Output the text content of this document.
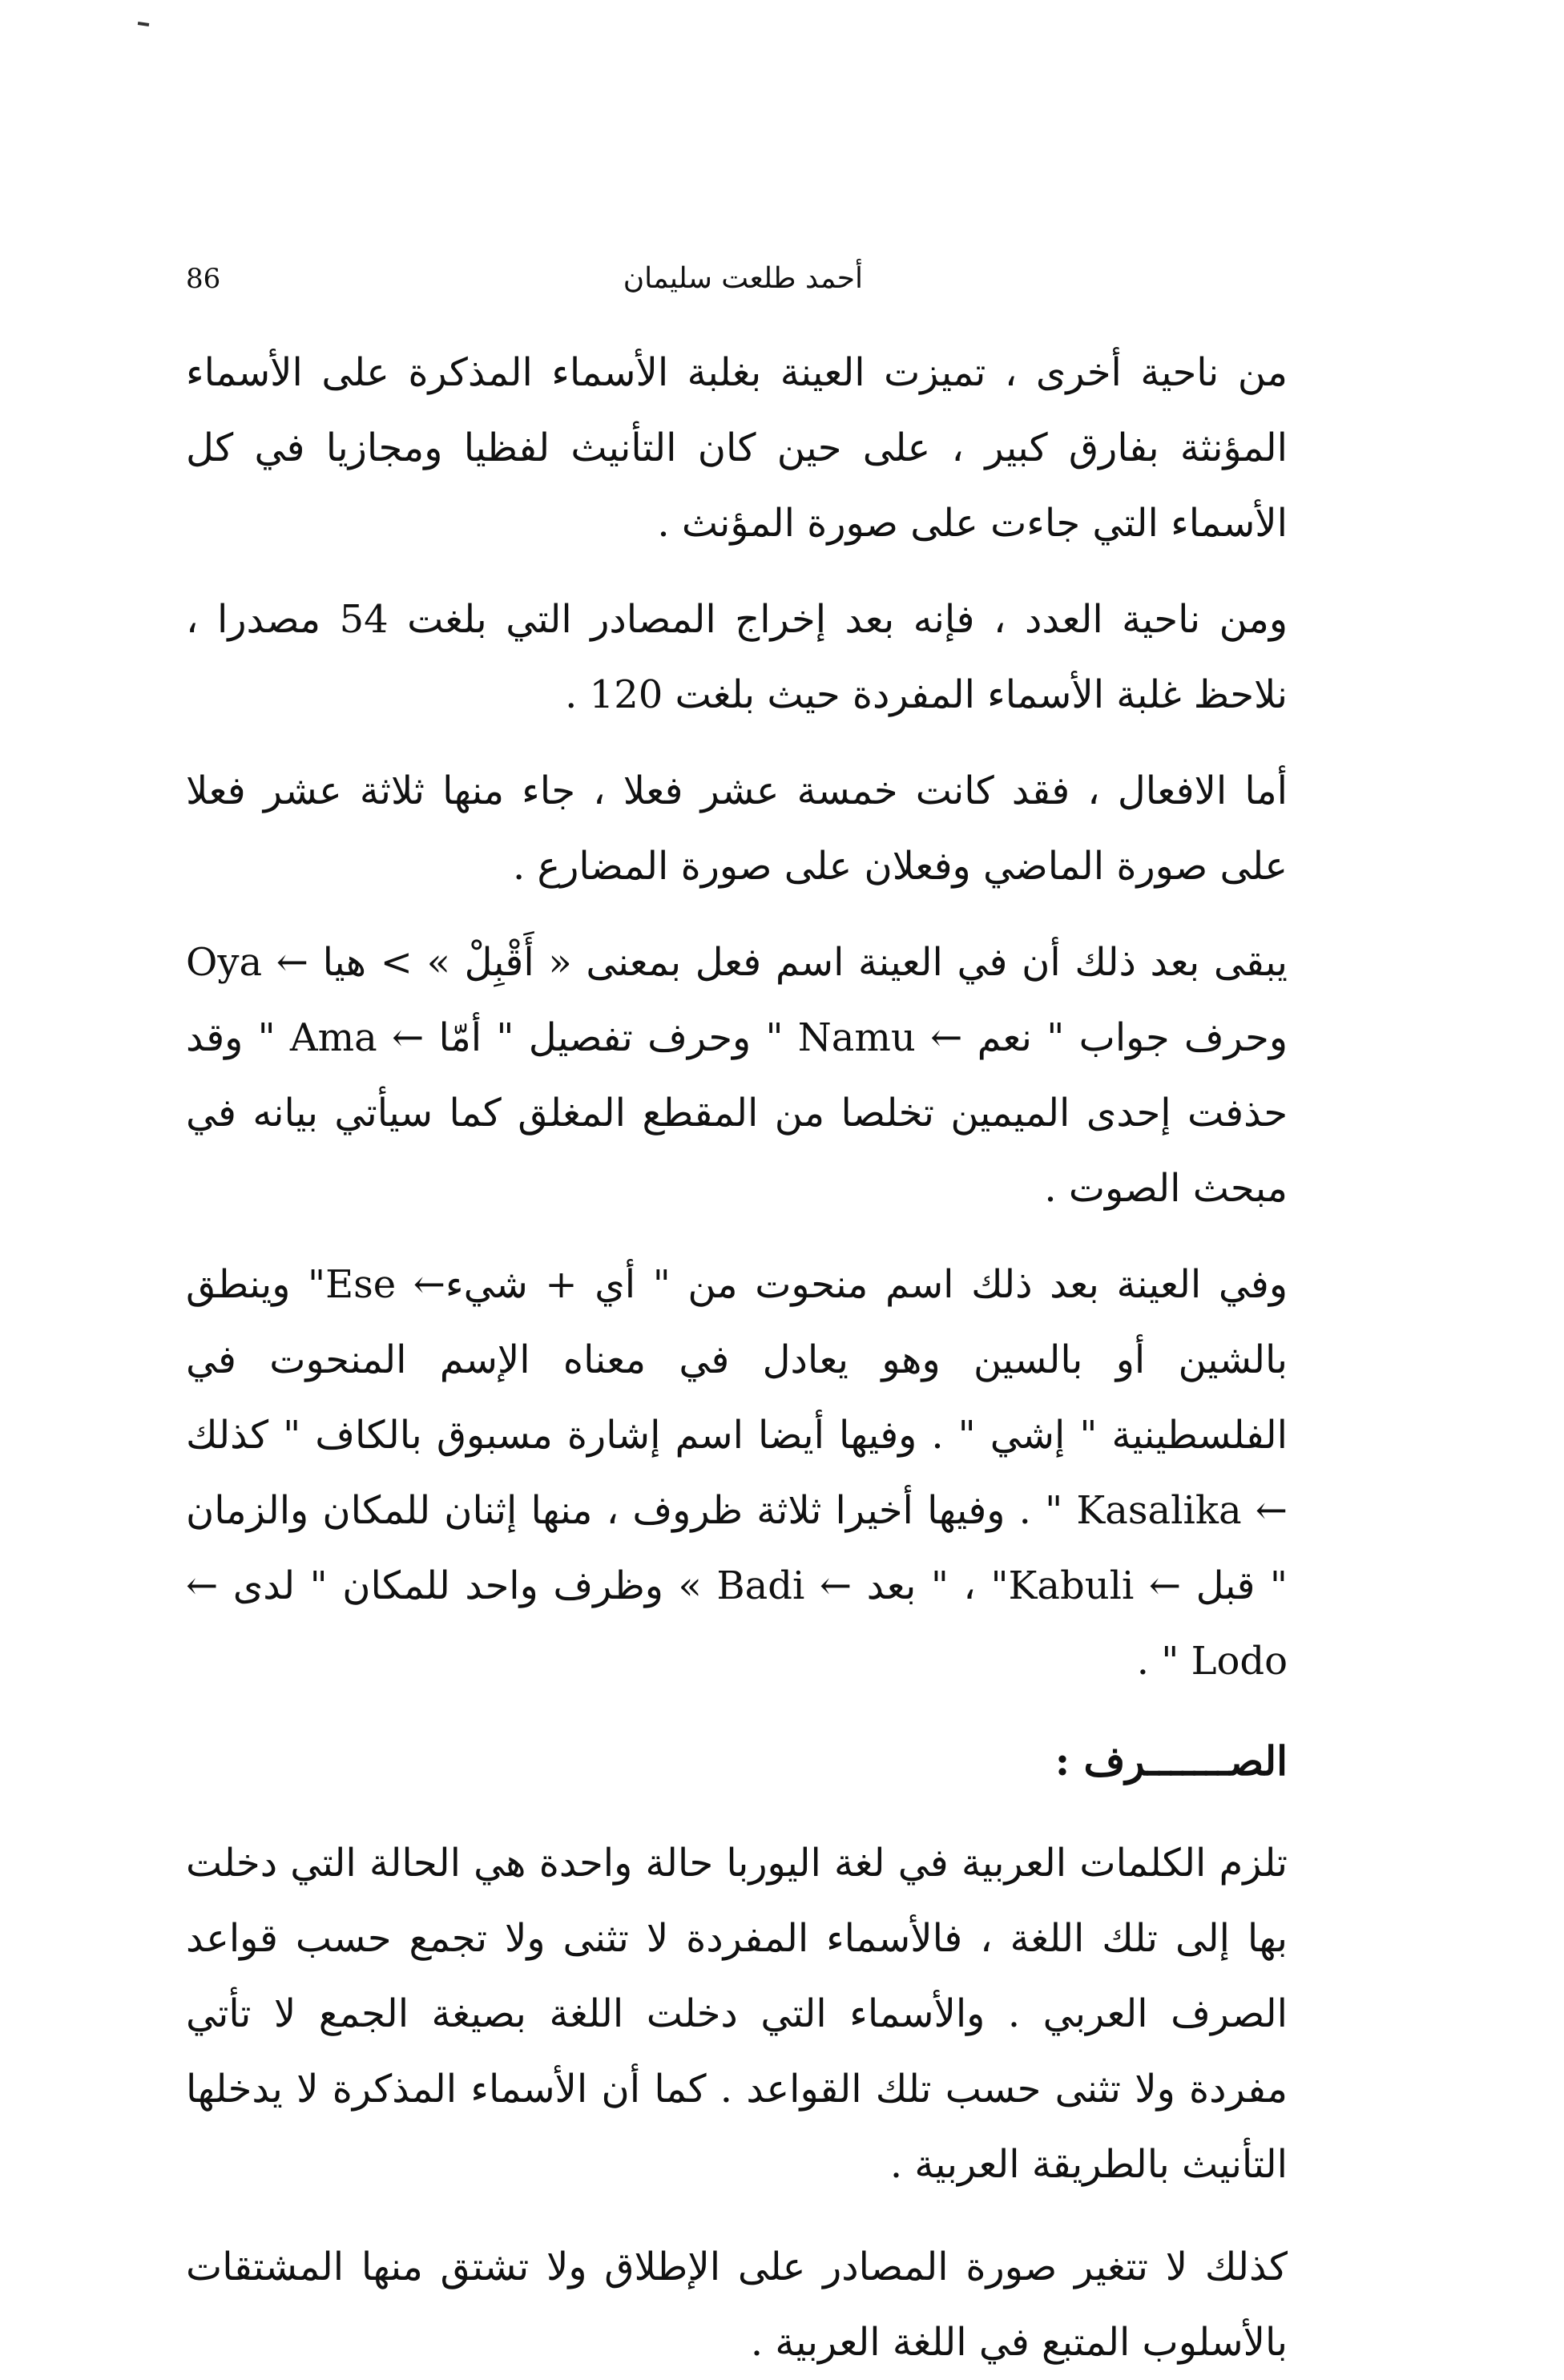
أحمد طلعت سليمان
86

من ناحية أخرى ، تميزت العينة بغلبة الأسماء المذكرة على الأسماء المؤنثة بفارق كبير ، على حين كان التأنيث لفظيا ومجازيا في كل الأسماء التي جاءت على صورة المؤنث .

ومن ناحية العدد ، فإنه بعد إخراج المصادر التي بلغت 54 مصدرا ، نلاحظ غلبة الأسماء المفردة حيث بلغت 120 .

أما الافعال ، فقد كانت خمسة عشر فعلا ، جاء منها ثلاثة عشر فعلا على صورة الماضي وفعلان على صورة المضارع .

يبقى بعد ذلك أن في العينة اسم فعل بمعنى « أَقْبِلْ » > هيا ← Oya وحرف جواب " نعم ← Namu " وحرف تفصيل " أمّا ← Ama " وقد حذفت إحدى الميمين تخلصا من المقطع المغلق كما سيأتي بيانه في مبحث الصوت .

وفي العينة بعد ذلك اسم منحوت من " أي + شيء← Ese" وينطق بالشين أو بالسين وهو يعادل في معناه الإسم المنحوت في الفلسطينية " إشي " . وفيها أيضا اسم إشارة مسبوق بالكاف " كذلك ← Kasalika " . وفيها أخيرا ثلاثة ظروف ، منها إثنان للمكان والزمان " قبل ← Kabuli" ، " بعد ← Badi » وظرف واحد للمكان " لدى ← Lodo " .

الصـــــــرف :

تلزم الكلمات العربية في لغة اليوربا حالة واحدة هي الحالة التي دخلت بها إلى تلك اللغة ، فالأسماء المفردة لا تثنى ولا تجمع حسب قواعد الصرف العربي . والأسماء التي دخلت اللغة بصيغة الجمع لا تأتي مفردة ولا تثنى حسب تلك القواعد . كما أن الأسماء المذكرة لا يدخلها التأنيث بالطريقة العربية .

كذلك لا تتغير صورة المصادر على الإطلاق ولا تشتق منها المشتقات بالأسلوب المتبع في اللغة العربية .
